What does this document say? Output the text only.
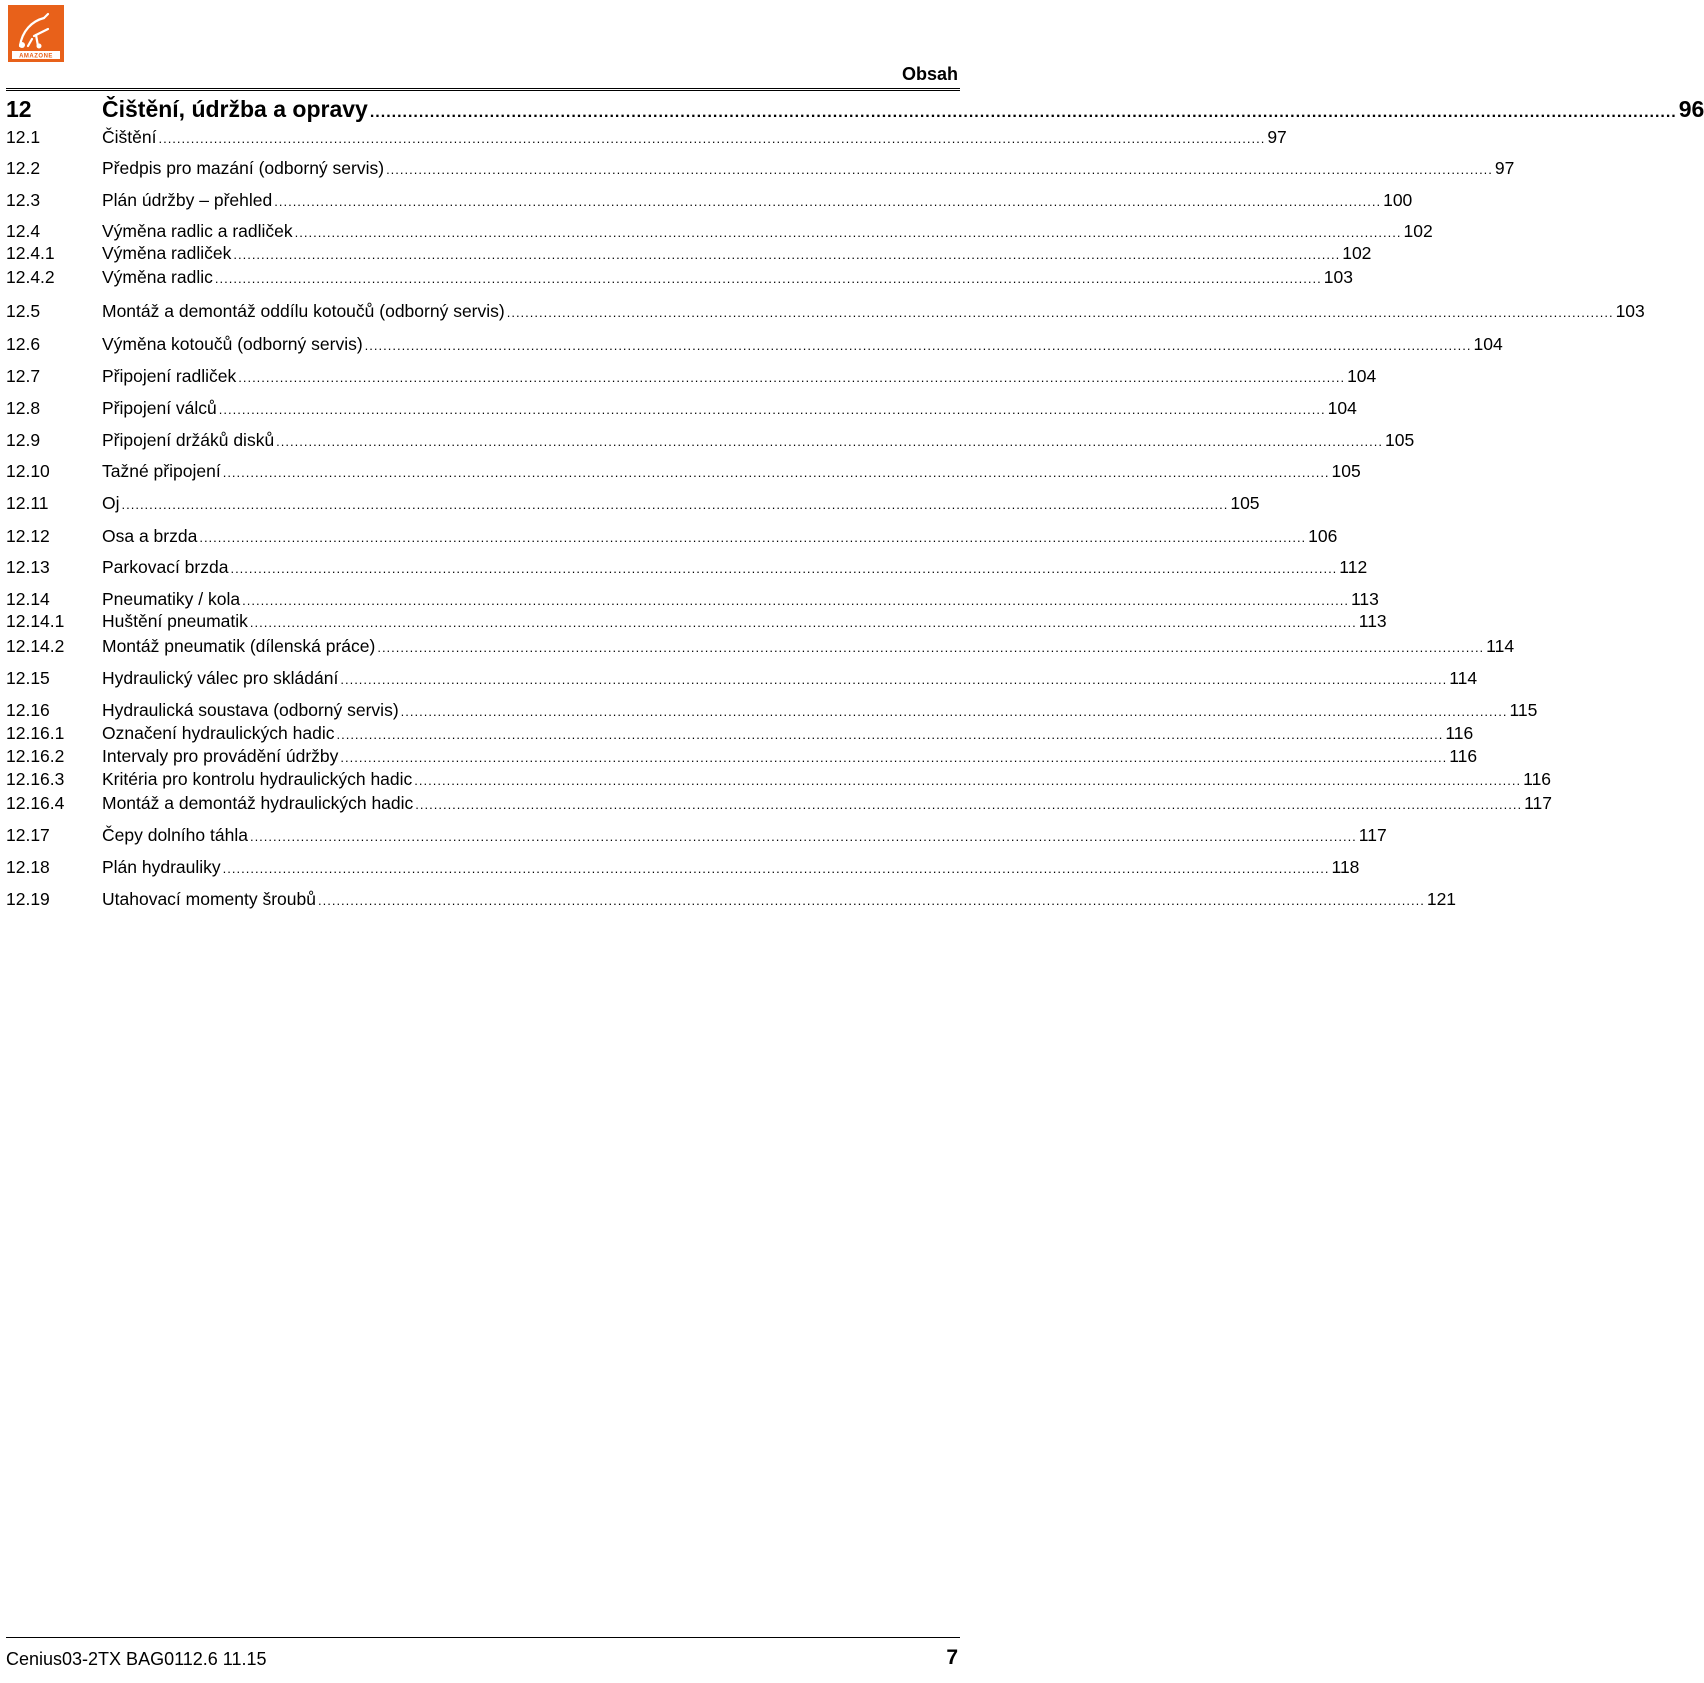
AMAZONE
Obsah
12	Čištění, údržba a opravy ................................................................................................................................................................................................................................................ 96
12.1	Čištění ................................................................................................................................................................................................................................................ 97
12.2	Předpis pro mazání (odborný servis) ................................................................................................................................................................................................................................................ 97
12.3	Plán údržby – přehled ................................................................................................................................................................................................................................................ 100
12.4	Výměna radlic a radliček ................................................................................................................................................................................................................................................ 102
12.4.1	Výměna radliček ................................................................................................................................................................................................................................................ 102
12.4.2	Výměna radlic ................................................................................................................................................................................................................................................ 103
12.5	Montáž a demontáž oddílu kotoučů (odborný servis) ................................................................................................................................................................................................................................................ 103
12.6	Výměna kotoučů (odborný servis) ................................................................................................................................................................................................................................................ 104
12.7	Připojení radliček ................................................................................................................................................................................................................................................ 104
12.8	Připojení válců ................................................................................................................................................................................................................................................ 104
12.9	Připojení držáků disků ................................................................................................................................................................................................................................................ 105
12.10	Tažné připojení ................................................................................................................................................................................................................................................ 105
12.11	Oj ................................................................................................................................................................................................................................................ 105
12.12	Osa a brzda ................................................................................................................................................................................................................................................ 106
12.13	Parkovací brzda ................................................................................................................................................................................................................................................ 112
12.14	Pneumatiky / kola ................................................................................................................................................................................................................................................ 113
12.14.1	Huštění pneumatik ................................................................................................................................................................................................................................................ 113
12.14.2	Montáž pneumatik (dílenská práce) ................................................................................................................................................................................................................................................ 114
12.15	Hydraulický válec pro skládání ................................................................................................................................................................................................................................................ 114
12.16	Hydraulická soustava (odborný servis) ................................................................................................................................................................................................................................................ 115
12.16.1	Označení hydraulických hadic ................................................................................................................................................................................................................................................ 116
12.16.2	Intervaly pro provádění údržby ................................................................................................................................................................................................................................................ 116
12.16.3	Kritéria pro kontrolu hydraulických hadic ................................................................................................................................................................................................................................................ 116
12.16.4	Montáž a demontáž hydraulických hadic ................................................................................................................................................................................................................................................ 117
12.17	Čepy dolního táhla ................................................................................................................................................................................................................................................ 117
12.18	Plán hydrauliky ................................................................................................................................................................................................................................................ 118
12.19	Utahovací momenty šroubů ................................................................................................................................................................................................................................................ 121
Cenius03-2TX BAG0112.6 11.15	7
